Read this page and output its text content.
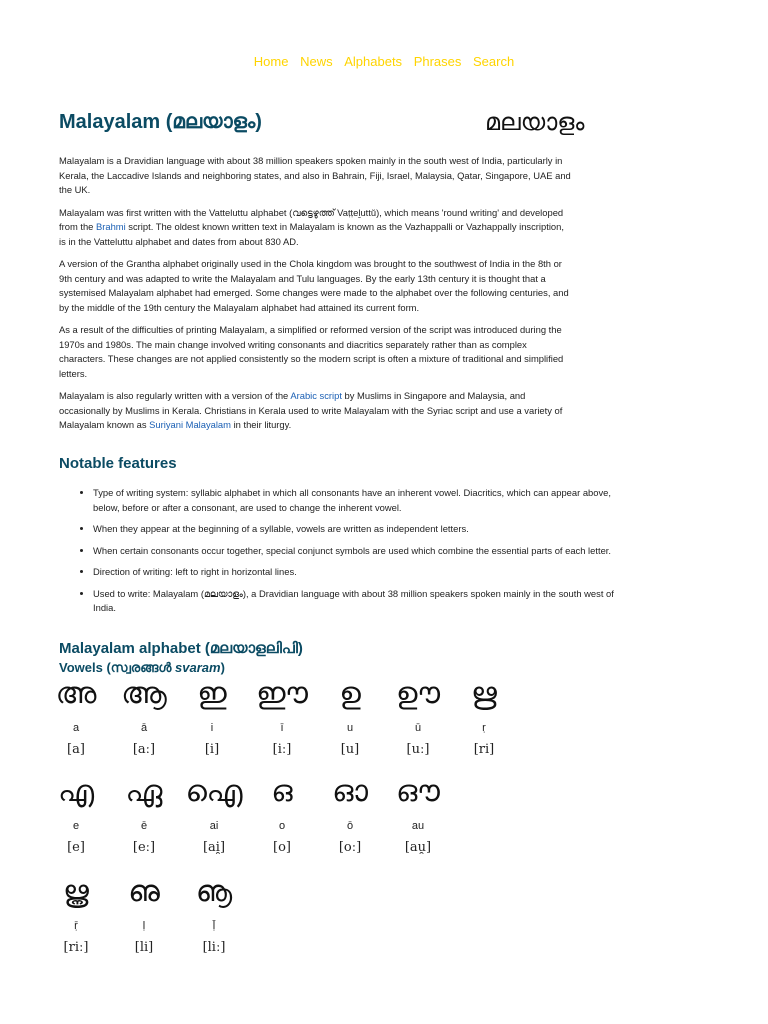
Home News Alphabets Phrases Search
Malayalam (മലയാളം)	മലയാളം

Malayalam is a Dravidian language with about 38 million speakers spoken mainly in the south west of India, particularly in Kerala, the Laccadive Islands and neighboring states, and also in Bahrain, Fiji, Israel, Malaysia, Qatar, Singapore, UAE and the UK.

Malayalam was first written with the Vatteluttu alphabet (വട്ടെഴുത്ത് Vaṭṭeḻuttŭ), which means 'round writing' and developed from the Brahmi script. The oldest known written text in Malayalam is known as the Vazhappalli or Vazhappally inscription, is in the Vatteluttu alphabet and dates from about 830 AD.

A version of the Grantha alphabet originally used in the Chola kingdom was brought to the southwest of India in the 8th or 9th century and was adapted to write the Malayalam and Tulu languages. By the early 13th century it is thought that a systemised Malayalam alphabet had emerged. Some changes were made to the alphabet over the following centuries, and by the middle of the 19th century the Malayalam alphabet had attained its current form.

As a result of the difficulties of printing Malayalam, a simplified or reformed version of the script was introduced during the 1970s and 1980s. The main change involved writing consonants and diacritics separately rather than as complex characters. These changes are not applied consistently so the modern script is often a mixture of traditional and simplified letters.

Malayalam is also regularly written with a version of the Arabic script by Muslims in Singapore and Malaysia, and occasionally by Muslims in Kerala. Christians in Kerala used to write Malayalam with the Syriac script and use a variety of Malayalam known as Suriyani Malayalam in their liturgy.

Notable features
• Type of writing system: syllabic alphabet in which all consonants have an inherent vowel. Diacritics, which can appear above, below, before or after a consonant, are used to change the inherent vowel.
• When they appear at the beginning of a syllable, vowels are written as independent letters.
• When certain consonants occur together, special conjunct symbols are used which combine the essential parts of each letter.
• Direction of writing: left to right in horizontal lines.
• Used to write: Malayalam (മലയാളം), a Dravidian language with about 38 million speakers spoken mainly in the south west of India.
Malayalam alphabet (മലയാളലിപി)
Vowels (സ്വരങ്ങൾ svaram)
അ
a
[a]
ആ
ā
[aː]
ഇ
i
[i]
ഈ
ī
[iː]
ഉ
u
[u]
ഊ
ū
[uː]
ഋ
ṛ
[ri]
എ
e
[e]
ഏ
ē
[eː]
ഐ
ai
[ai̯]
ഒ
o
[o]
ഓ
ō
[oː]
ഔ
au
[au̯]
ൠ
ṝ
[riː]
ഌ
ḷ
[li]
ൡ
ḹ
[liː]
